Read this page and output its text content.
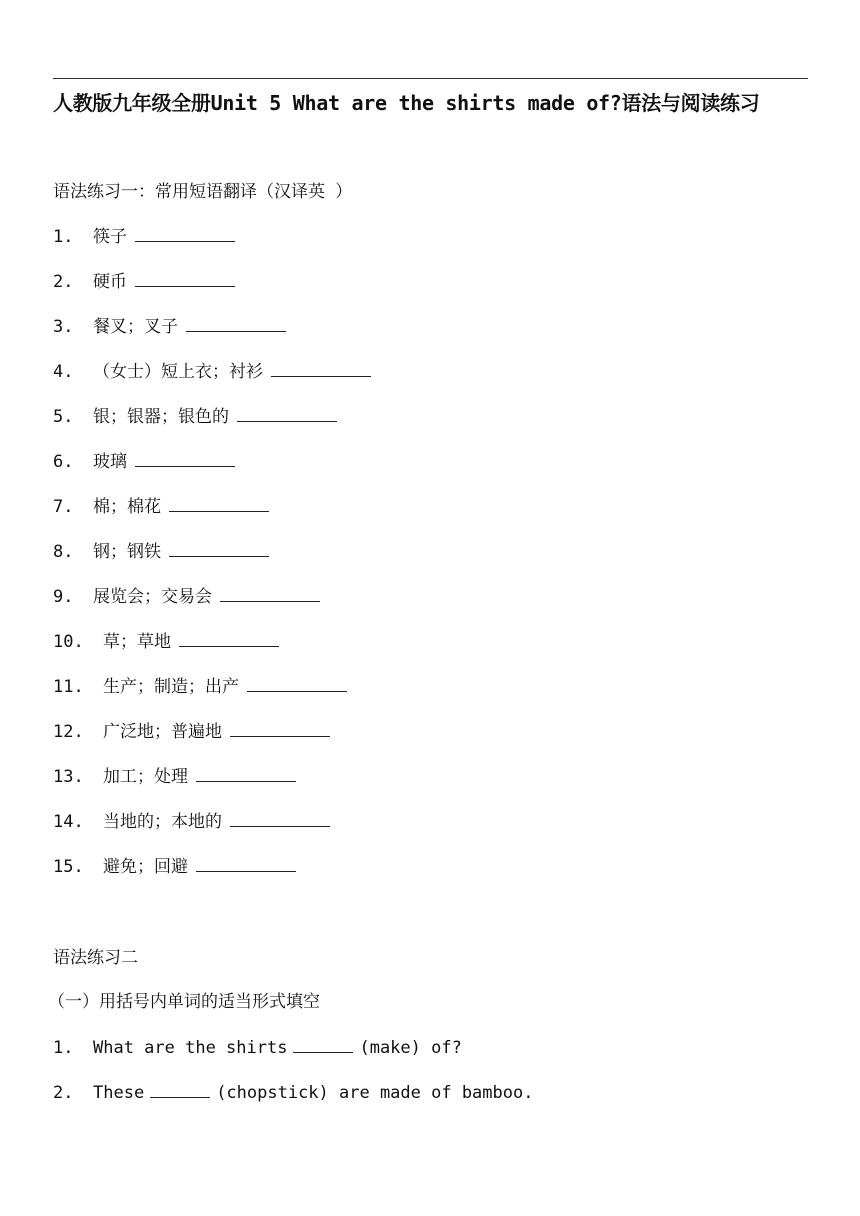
人教版九年级全册Unit 5 What are the shirts made of?语法与阅读练习
语法练习一：常用短语翻译（汉译英 ）
1. 筷子
2. 硬币
3. 餐叉；叉子
4. （女士）短上衣；衬衫
5. 银；银器；银色的
6. 玻璃
7. 棉；棉花
8. 钢；钢铁
9. 展览会；交易会
10. 草；草地
11. 生产；制造；出产
12. 广泛地；普遍地
13. 加工；处理
14. 当地的；本地的
15. 避免；回避
语法练习二
（一）用括号内单词的适当形式填空
1. What are the shirts	(make) of?
2. These	(chopstick) are made of bamboo.
